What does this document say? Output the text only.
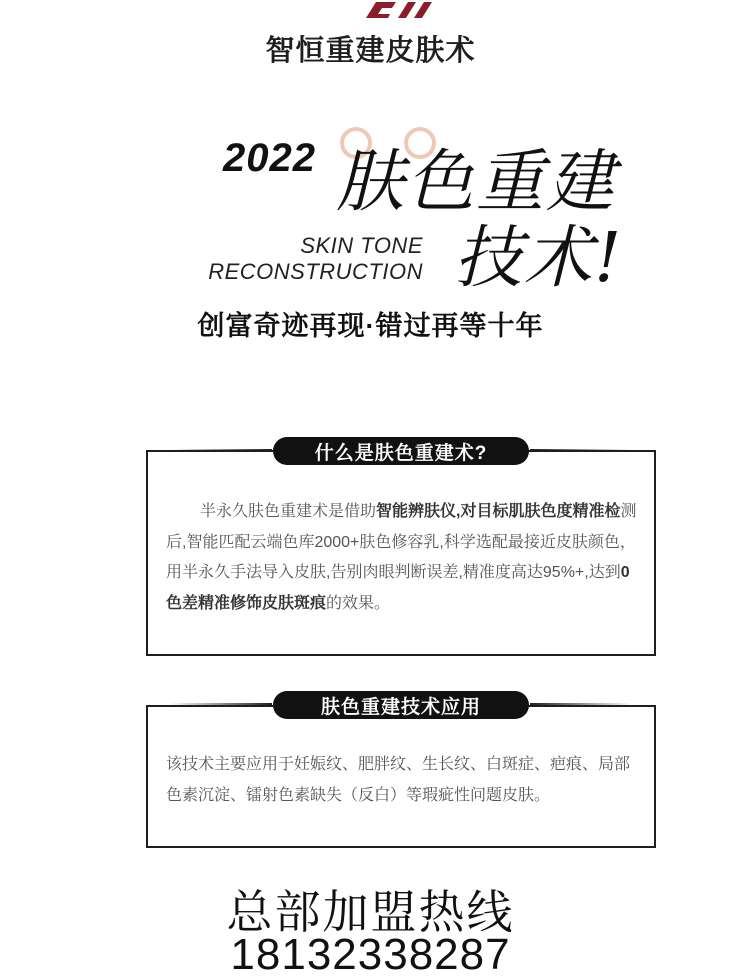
智恒重建皮肤术
2022 肤色重建
技术!
SKIN TONE
RECONSTRUCTION
创富奇迹再现·错过再等十年
什么是肤色重建术?
半永久肤色重建术是借助智能辨肤仪,对目标肌肤色度精准检测后,智能匹配云端色库2000+肤色修容乳,科学选配最接近皮肤颜色，用半永久手法导入皮肤,告别肉眼判断误差,精准度高达95%+,达到0色差精准修饰皮肤斑痕的效果。
肤色重建技术应用
该技术主要应用于妊娠纹、肥胖纹、生长纹、白斑症、疤痕、局部色素沉淀、镭射色素缺失（反白）等瑕疵性问题皮肤。
总部加盟热线
18132338287
